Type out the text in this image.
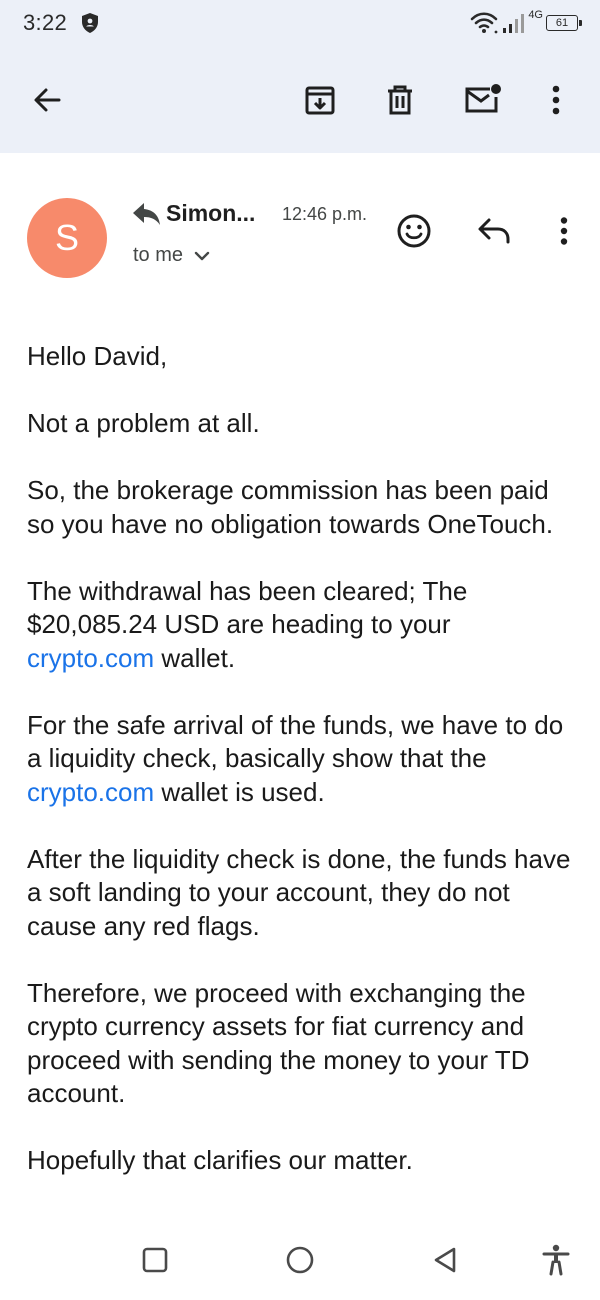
3:22	4G
61
S
Simon... 12:46 p.m.
to me

Hello David,

Not a problem at all.

So, the brokerage commission has been paid so you have no obligation towards OneTouch.

The withdrawal has been cleared; The $20,085.24 USD are heading to your crypto.com wallet.

For the safe arrival of the funds, we have to do a liquidity check, basically show that the crypto.com wallet is used.

After the liquidity check is done, the funds have a soft landing to your account, they do not cause any red flags.

Therefore, we proceed with exchanging the crypto currency assets for fiat currency and proceed with sending the money to your TD account.

Hopefully that clarifies our matter.
